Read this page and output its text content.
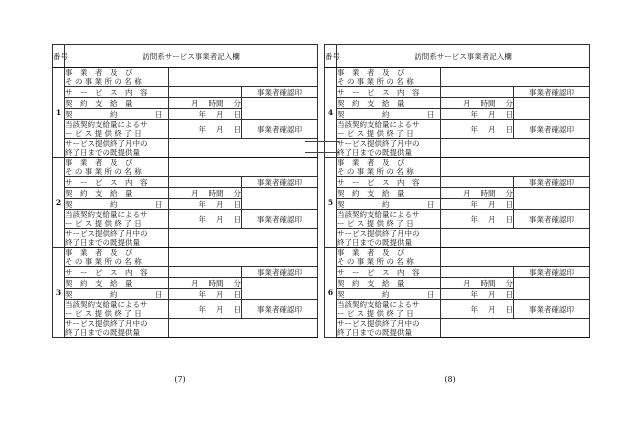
番号	訪問系サービス事業者記入欄		
1	事　業　者　及　び
そ の 事 業 所 の 名 称		

	サ　ー　ビ　ス　内　容		事業者確認印
	契　約　支　給　量	月 時間 分	
	契　　　　　約　　　　　日	年 月 日	

	当該契約支給量によるサ
ー ビ ス 提 供 終 了 日	年 月 日	事業者確認印

	サービス提供終了月中の
終了日までの既提供量		

2	事　業　者　及　び
そ の 事 業 所 の 名 称		

	サ　ー　ビ　ス　内　容		事業者確認印
	契　約　支　給　量	月 時間 分	
	契　　　　　約　　　　　日	年 月 日	

	当該契約支給量によるサ
ー ビ ス 提 供 終 了 日	年 月 日	事業者確認印

	サービス提供終了月中の
終了日までの既提供量		

3	事　業　者　及　び
そ の 事 業 所 の 名 称		

	サ　ー　ビ　ス　内　容		事業者確認印
	契　約　支　給　量	月 時間 分	
	契　　　　　約　　　　　日	年 月 日	

	当該契約支給量によるサ
ー ビ ス 提 供 終 了 日	年 月 日	事業者確認印

	サービス提供終了月中の
終了日までの既提供量		

番号	訪問系サービス事業者記入欄		
4	事　業　者　及　び
そ の 事 業 所 の 名 称		

	サ　ー　ビ　ス　内　容		事業者確認印
	契　約　支　給　量	月 時間 分	
	契　　　　　約　　　　　日	年 月 日	

	当該契約支給量によるサ
ー ビ ス 提 供 終 了 日	年 月 日	事業者確認印

	サービス提供終了月中の
終了日までの既提供量		

5	事　業　者　及　び
そ の 事 業 所 の 名 称		

	サ　ー　ビ　ス　内　容		事業者確認印
	契　約　支　給　量	月 時間 分	
	契　　　　　約　　　　　日	年 月 日	

	当該契約支給量によるサ
ー ビ ス 提 供 終 了 日	年 月 日	事業者確認印

	サービス提供終了月中の
終了日までの既提供量		

6	事　業　者　及　び
そ の 事 業 所 の 名 称		

	サ　ー　ビ　ス　内　容		事業者確認印
	契　約　支　給　量	月 時間 分	
	契　　　　　約　　　　　日	年 月 日	

	当該契約支給量によるサ
ー ビ ス 提 供 終 了 日	年 月 日	事業者確認印

	サービス提供終了月中の
終了日までの既提供量		

(7)	(8)
